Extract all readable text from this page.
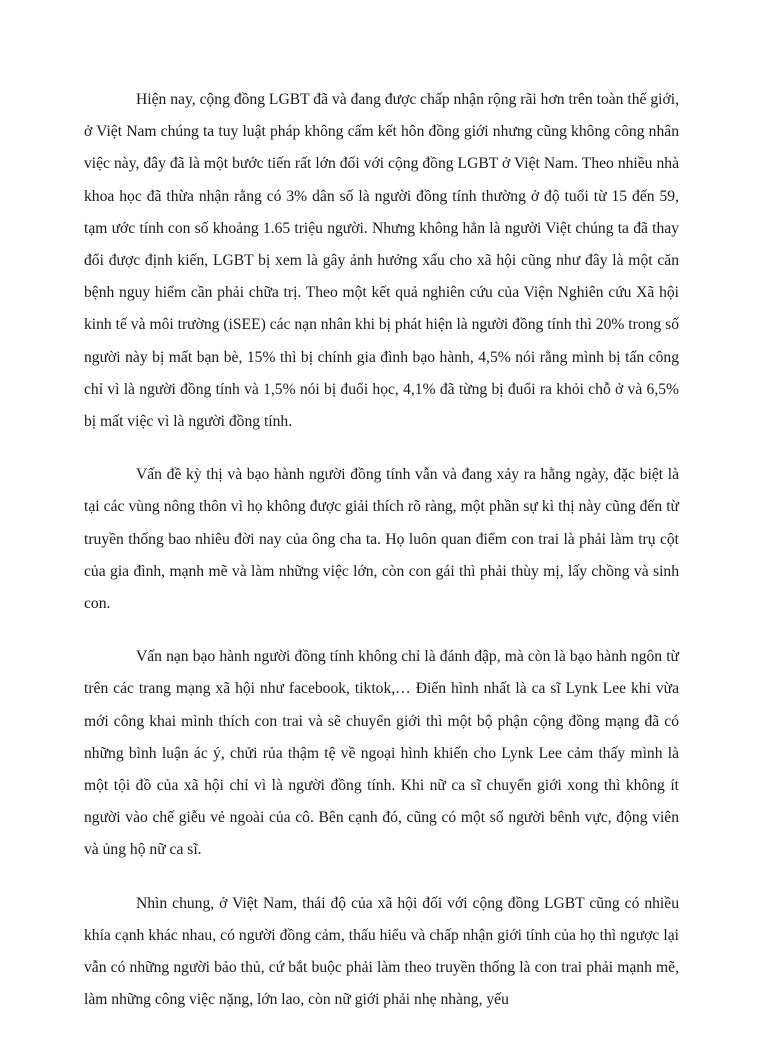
Hiện nay, cộng đồng LGBT đã và đang được chấp nhận rộng rãi hơn trên toàn thế giới, ở Việt Nam chúng ta tuy luật pháp không cấm kết hôn đồng giới nhưng cũng không công nhân việc này, đây đã là một bước tiến rất lớn đối với cộng đồng LGBT ở Việt Nam. Theo nhiều nhà khoa học đã thừa nhận rằng có 3% dân số là người đồng tính thường ở độ tuổi từ 15 đến 59, tạm ước tính con số khoảng 1.65 triệu người. Nhưng không hẳn là người Việt chúng ta đã thay đổi được định kiến, LGBT bị xem là gây ảnh hưởng xấu cho xã hội cũng như đây là một căn bệnh nguy hiểm cần phải chữa trị. Theo một kết quả nghiên cứu của Viện Nghiên cứu Xã hội kinh tế và môi trường (iSEE) các nạn nhân khi bị phát hiện là người đồng tính thì 20% trong số người này bị mất bạn bè, 15% thì bị chính gia đình bạo hành, 4,5% nói rằng mình bị tấn công chỉ vì là người đồng tính và 1,5% nói bị đuổi học, 4,1% đã từng bị đuổi ra khỏi chỗ ở và 6,5% bị mất việc vì là người đồng tính.

Vấn đề kỳ thị và bạo hành người đồng tính vẫn và đang xảy ra hằng ngày, đặc biệt là tại các vùng nông thôn vì họ không được giải thích rõ ràng, một phần sự kì thị này cũng đến từ truyền thống bao nhiêu đời nay của ông cha ta. Họ luôn quan điểm con trai là phải làm trụ cột của gia đình, mạnh mẽ và làm những việc lớn, còn con gái thì phải thùy mị, lấy chồng và sinh con.

Vấn nạn bạo hành người đồng tính không chỉ là đánh đập, mà còn là bạo hành ngôn từ trên các trang mạng xã hội như facebook, tiktok,… Điển hình nhất là ca sĩ Lynk Lee khi vừa mới công khai mình thích con trai và sẽ chuyển giới thì một bộ phận cộng đồng mạng đã có những bình luận ác ý, chửi rủa thậm tệ về ngoại hình khiến cho Lynk Lee cảm thấy mình là một tội đồ của xã hội chỉ vì là người đồng tính. Khi nữ ca sĩ chuyển giới xong thì không ít người vào chế giễu vẻ ngoài của cô. Bên cạnh đó, cũng có một số người bênh vực, động viên và ủng hộ nữ ca sĩ.

Nhìn chung, ở Việt Nam, thái độ của xã hội đối với cộng đồng LGBT cũng có nhiều khía cạnh khác nhau, có người đồng cảm, thấu hiểu và chấp nhận giới tính của họ thì ngược lại vẫn có những người bảo thủ, cứ bắt buộc phải làm theo truyền thống là con trai phải mạnh mẽ, làm những công việc nặng, lớn lao, còn nữ giới phải nhẹ nhàng, yếu
